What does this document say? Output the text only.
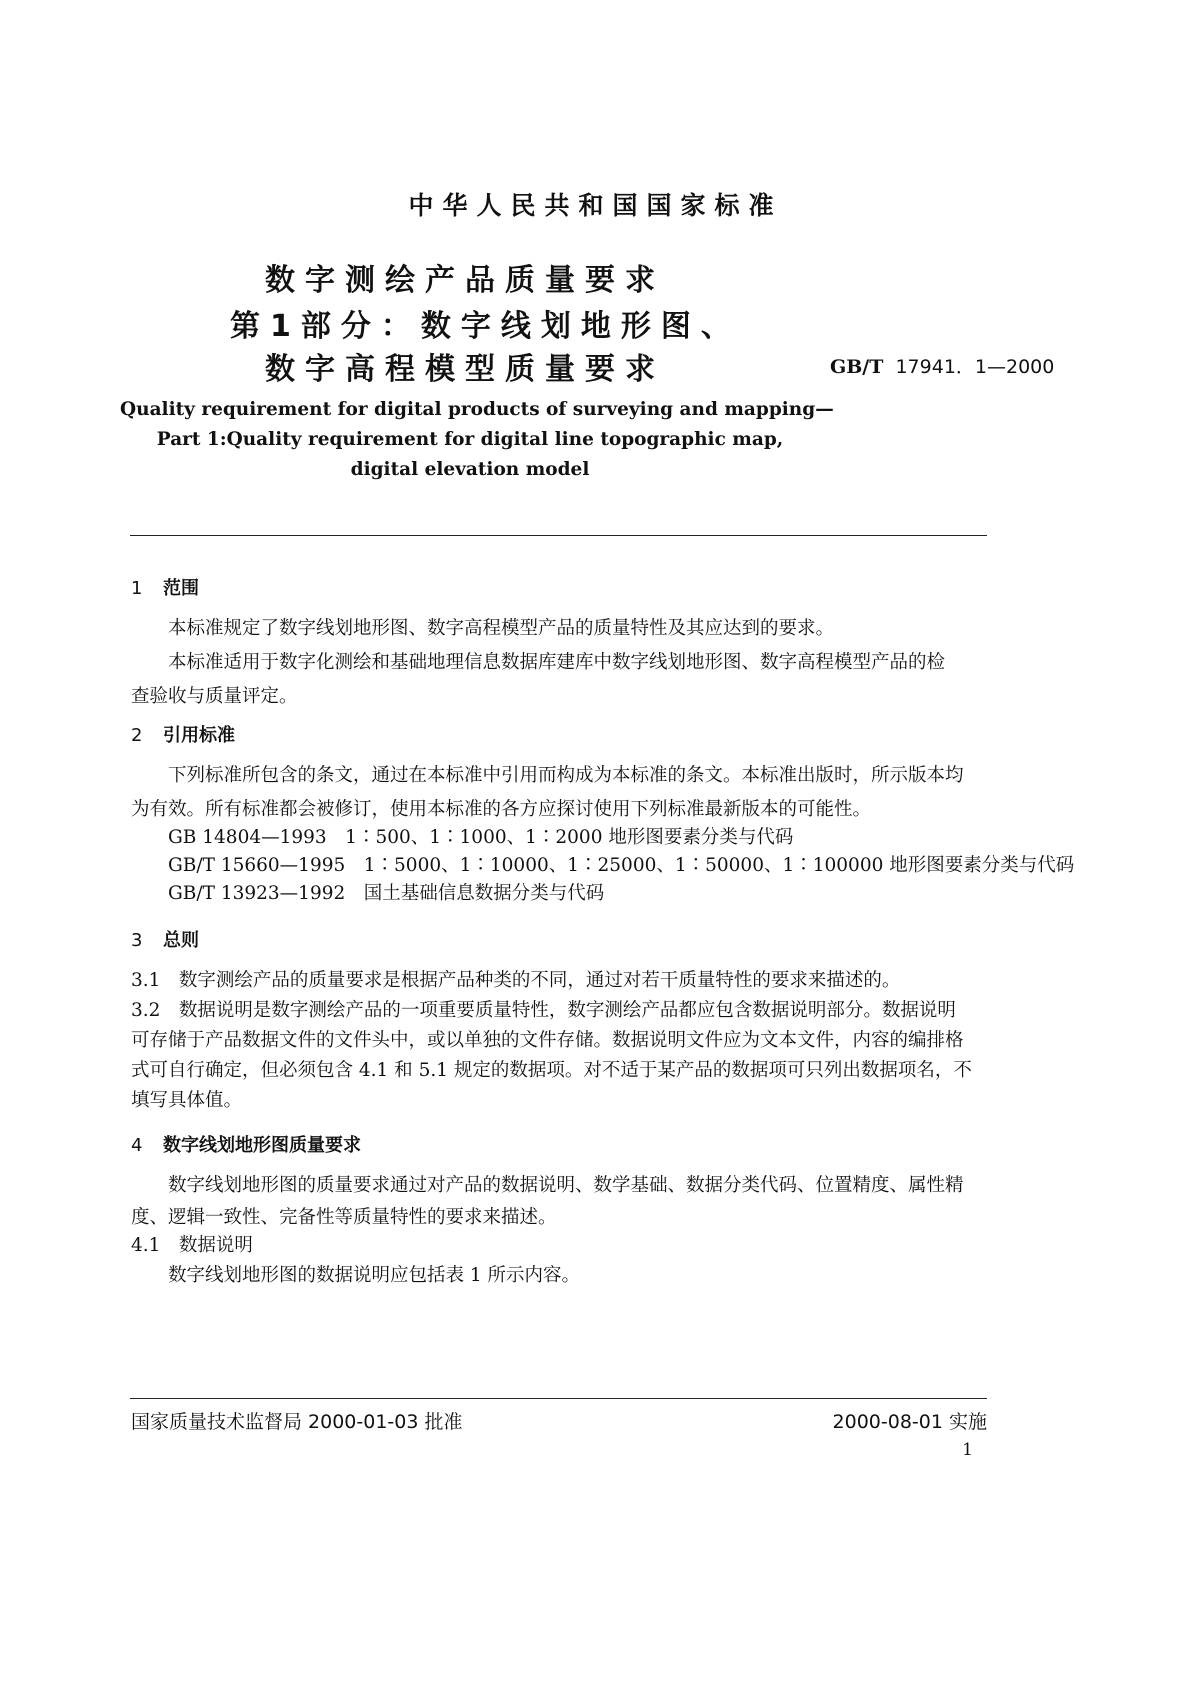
中华人民共和国国家标准
数字测绘产品质量要求
第1部分：数字线划地形图、
数字高程模型质量要求	GB/T 17941．1—2000
Quality requirement for digital products of surveying and mapping—
Part 1:Quality requirement for digital line topographic map,
digital elevation model
1 范围
本标准规定了数字线划地形图、数字高程模型产品的质量特性及其应达到的要求。
本标准适用于数字化测绘和基础地理信息数据库建库中数字线划地形图、数字高程模型产品的检
查验收与质量评定。
2 引用标准
下列标准所包含的条文，通过在本标准中引用而构成为本标准的条文。本标准出版时，所示版本均
为有效。所有标准都会被修订，使用本标准的各方应探讨使用下列标准最新版本的可能性。
GB 14804—1993　1∶500、1∶1000、1∶2000 地形图要素分类与代码
GB/T 15660—1995　1∶5000、1∶10000、1∶25000、1∶50000、1∶100000 地形图要素分类与代码
GB/T 13923—1992　国土基础信息数据分类与代码
3 总则
3.1　数字测绘产品的质量要求是根据产品种类的不同，通过对若干质量特性的要求来描述的。
3.2　数据说明是数字测绘产品的一项重要质量特性，数字测绘产品都应包含数据说明部分。数据说明
可存储于产品数据文件的文件头中，或以单独的文件存储。数据说明文件应为文本文件，内容的编排格
式可自行确定，但必须包含 4.1 和 5.1 规定的数据项。对不适于某产品的数据项可只列出数据项名，不
填写具体值。
4 数字线划地形图质量要求
数字线划地形图的质量要求通过对产品的数据说明、数学基础、数据分类代码、位置精度、属性精
度、逻辑一致性、完备性等质量特性的要求来描述。
4.1　数据说明
数字线划地形图的数据说明应包括表 1 所示内容。
国家质量技术监督局 2000-01-03 批准	2000-08-01 实施
1
